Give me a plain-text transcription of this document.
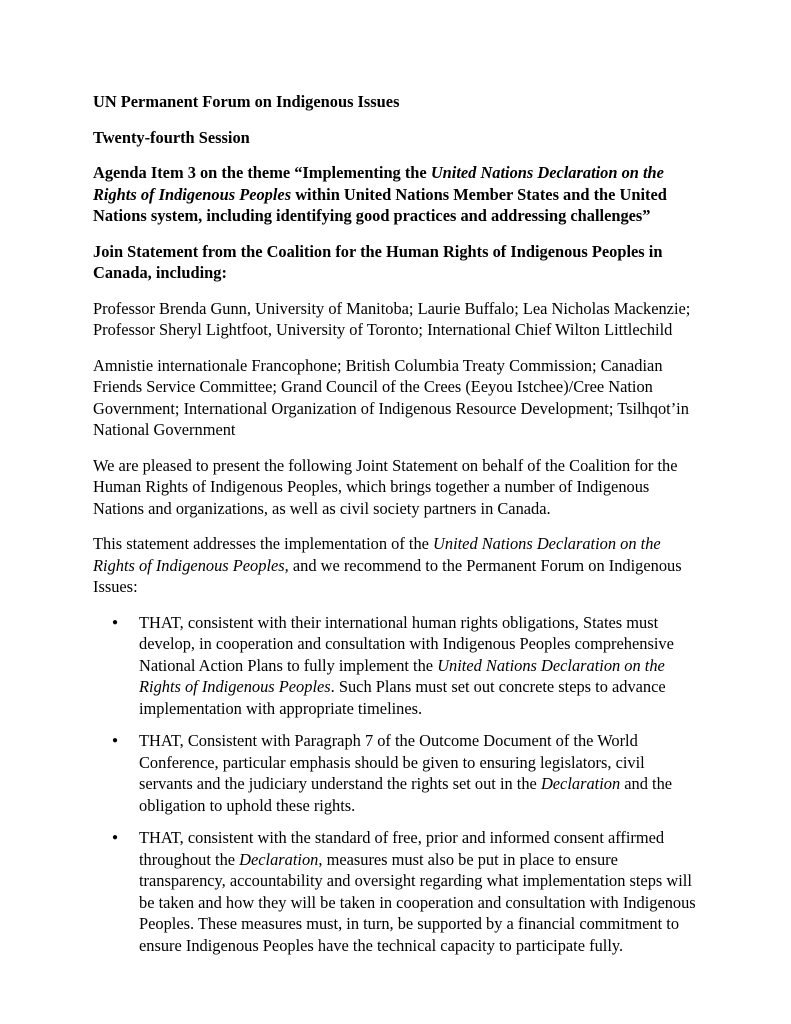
UN Permanent Forum on Indigenous Issues
Twenty-fourth Session
Agenda Item 3 on the theme “Implementing the United Nations Declaration on the Rights of Indigenous Peoples within United Nations Member States and the United Nations system, including identifying good practices and addressing challenges”
Join Statement from the Coalition for the Human Rights of Indigenous Peoples in Canada, including:
Professor Brenda Gunn, University of Manitoba; Laurie Buffalo; Lea Nicholas Mackenzie; Professor Sheryl Lightfoot, University of Toronto; International Chief Wilton Littlechild
Amnistie internationale Francophone; British Columbia Treaty Commission; Canadian Friends Service Committee; Grand Council of the Crees (Eeyou Istchee)/Cree Nation Government; International Organization of Indigenous Resource Development; Tsilhqot’in National Government
We are pleased to present the following Joint Statement on behalf of the Coalition for the Human Rights of Indigenous Peoples, which brings together a number of Indigenous Nations and organizations, as well as civil society partners in Canada.
This statement addresses the implementation of the United Nations Declaration on the Rights of Indigenous Peoples, and we recommend to the Permanent Forum on Indigenous Issues:
● THAT, consistent with their international human rights obligations, States must develop, in cooperation and consultation with Indigenous Peoples comprehensive National Action Plans to fully implement the United Nations Declaration on the Rights of Indigenous Peoples. Such Plans must set out concrete steps to advance implementation with appropriate timelines.
● THAT, Consistent with Paragraph 7 of the Outcome Document of the World Conference, particular emphasis should be given to ensuring legislators, civil servants and the judiciary understand the rights set out in the Declaration and the obligation to uphold these rights.
● THAT, consistent with the standard of free, prior and informed consent affirmed throughout the Declaration, measures must also be put in place to ensure transparency, accountability and oversight regarding what implementation steps will be taken and how they will be taken in cooperation and consultation with Indigenous Peoples. These measures must, in turn, be supported by a financial commitment to ensure Indigenous Peoples have the technical capacity to participate fully.
